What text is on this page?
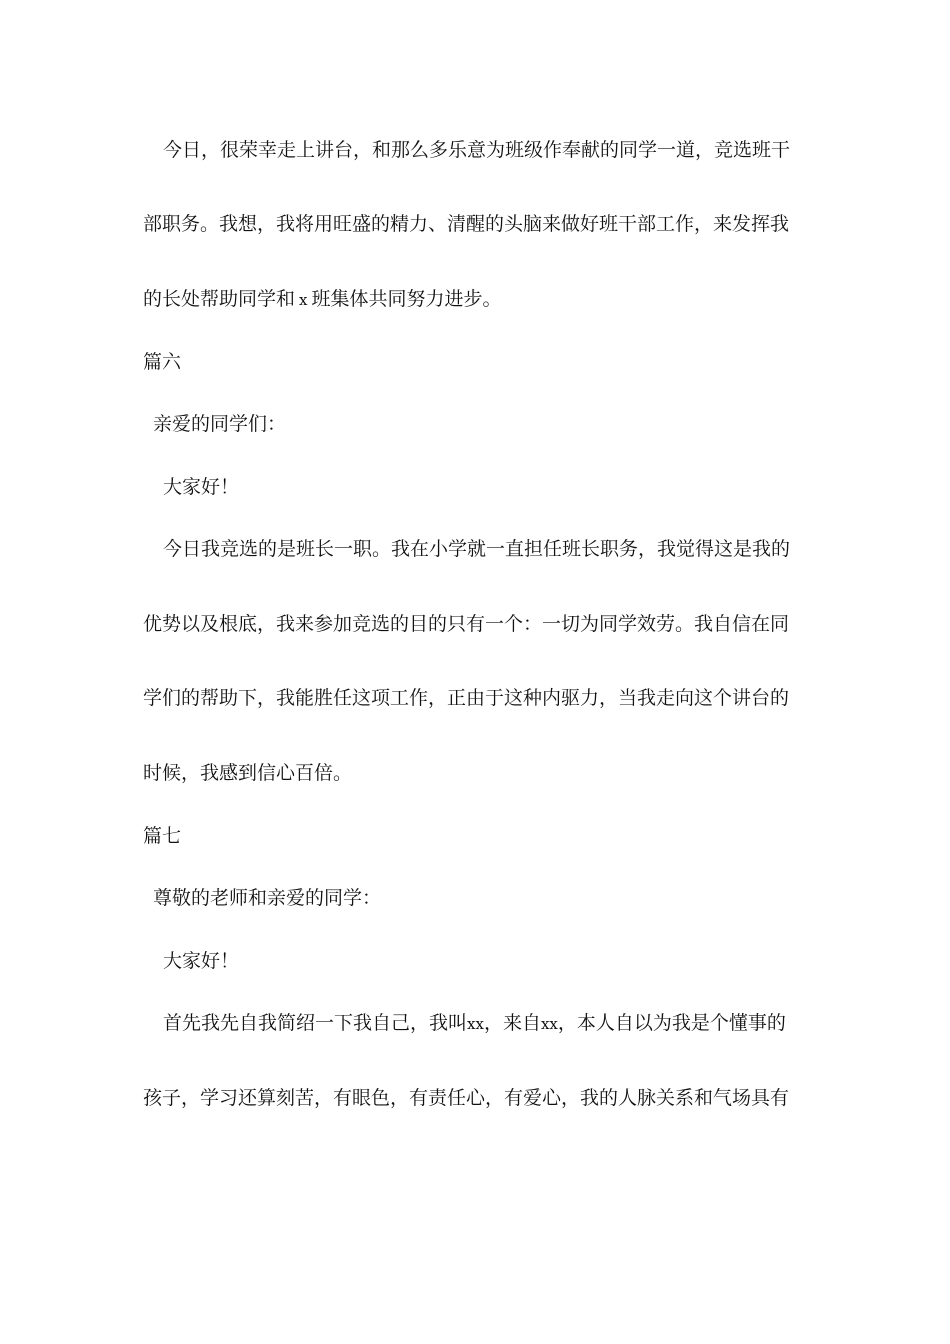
今日，很荣幸走上讲台，和那么多乐意为班级作奉献的同学一道，竞选班干

部职务。我想，我将用旺盛的精力、清醒的头脑来做好班干部工作，来发挥我

的长处帮助同学和 x 班集体共同努力进步。

篇六

亲爱的同学们：

大家好！

今日我竞选的是班长一职。我在小学就一直担任班长职务，我觉得这是我的

优势以及根底，我来参加竞选的目的只有一个：一切为同学效劳。我自信在同

学们的帮助下，我能胜任这项工作，正由于这种内驱力，当我走向这个讲台的

时候，我感到信心百倍。

篇七

尊敬的老师和亲爱的同学：

大家好！

首先我先自我简绍一下我自己，我叫xx，来自xx，本人自以为我是个懂事的

孩子，学习还算刻苦，有眼色，有责任心，有爱心，我的人脉关系和气场具有
